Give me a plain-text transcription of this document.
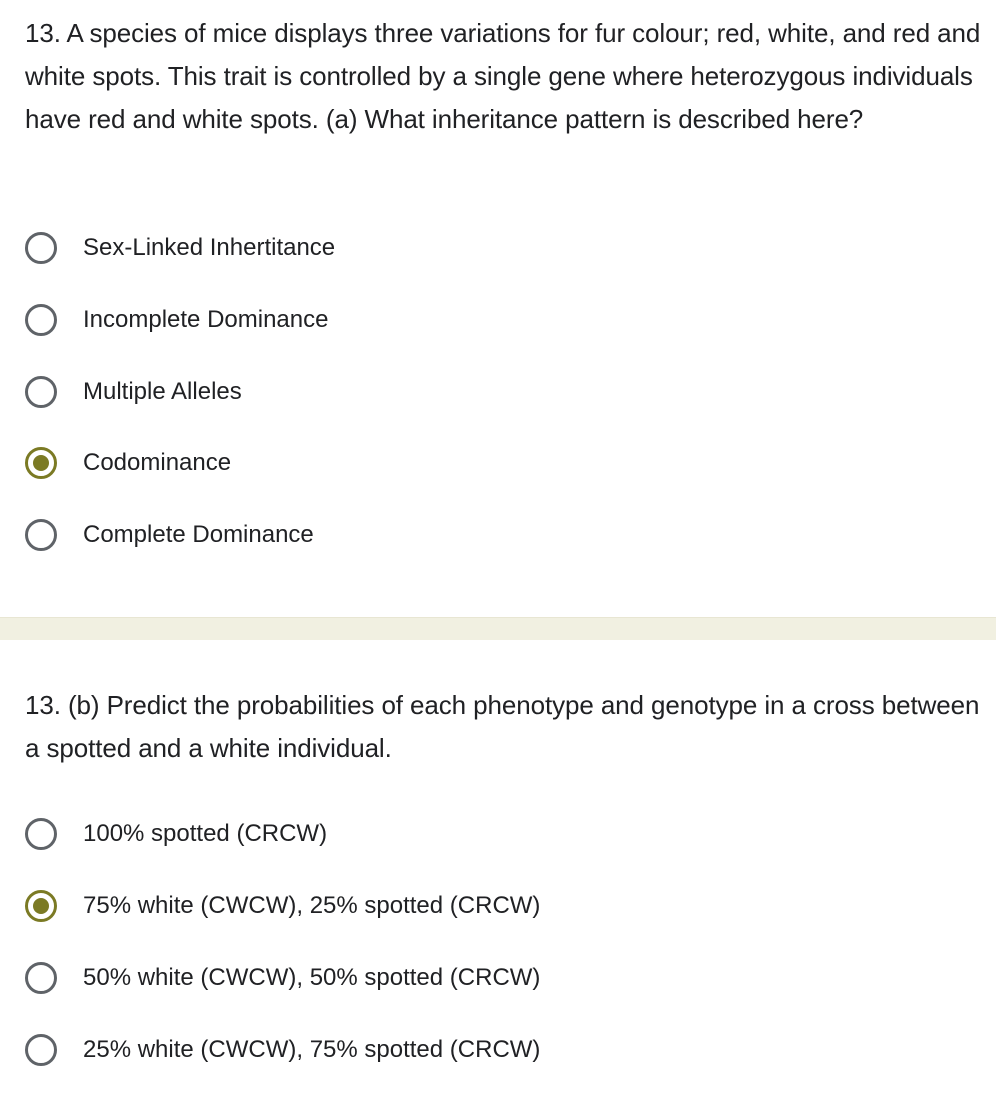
13. A species of mice displays three variations for fur colour; red, white, and red and white spots. This trait is controlled by a single gene where heterozygous individuals have red and white spots. (a) What inheritance pattern is described here?

Sex-Linked Inhertitance
Incomplete Dominance
Multiple Alleles
Codominance
Complete Dominance

13. (b) Predict the probabilities of each phenotype and genotype in a cross between a spotted and a white individual.

100% spotted (CRCW)
75% white (CWCW), 25% spotted (CRCW)
50% white (CWCW), 50% spotted (CRCW)
25% white (CWCW), 75% spotted (CRCW)
